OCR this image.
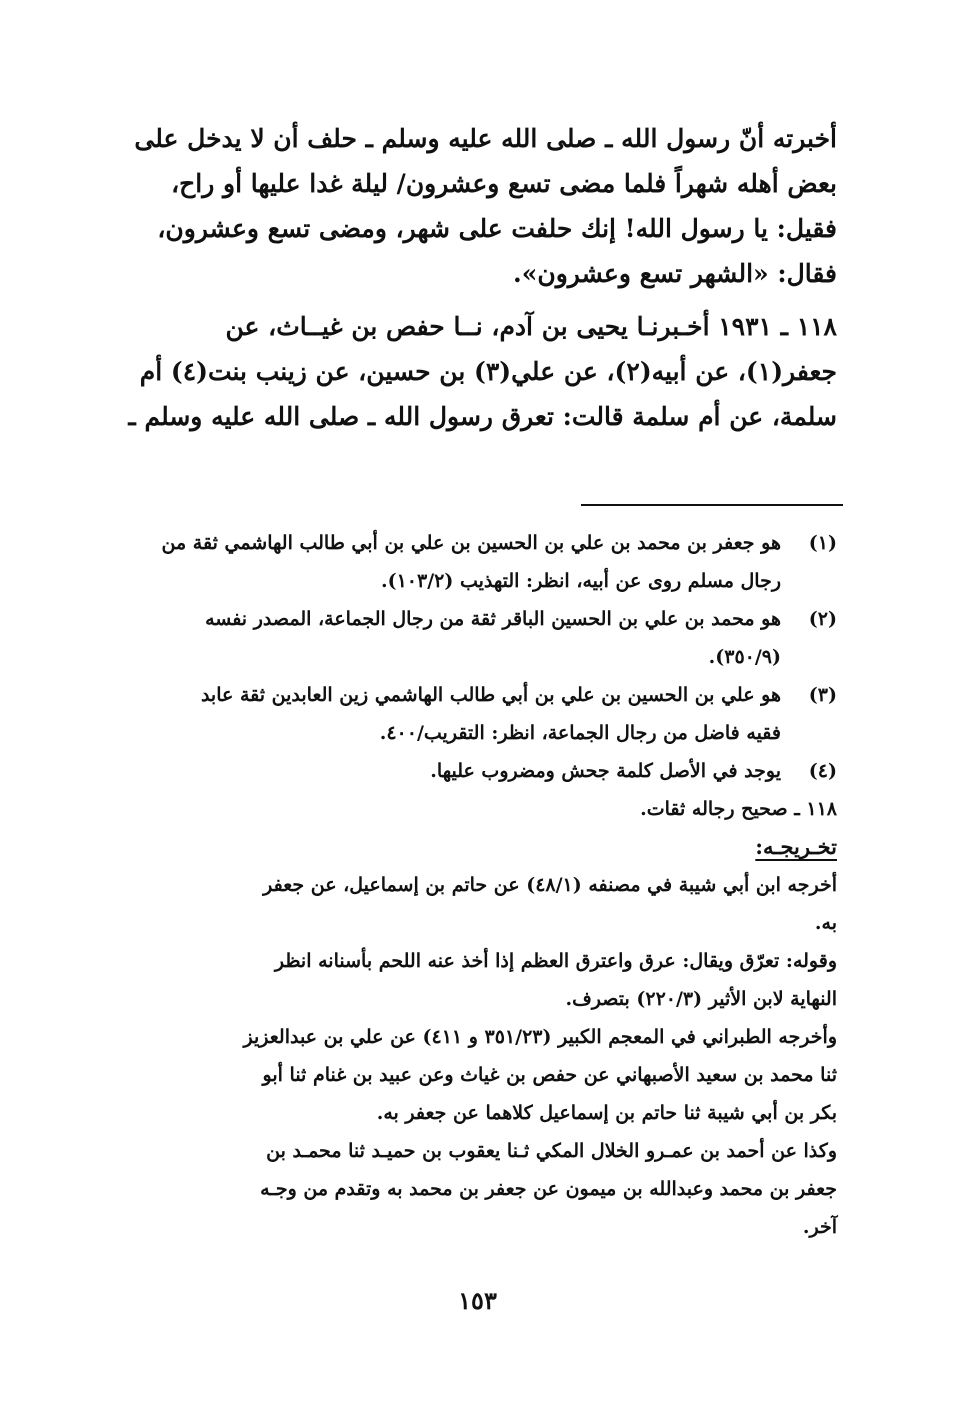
أخبرته أنّ رسول الله ـ صلى الله عليه وسلم ـ حلف أن لا يدخل على

بعض أهله شهراً فلما مضى تسع وعشرون/ ليلة غدا عليها أو راح،

فقيل: يا رسول الله! إنك حلفت على شهر، ومضى تسع وعشرون،

فقال: «الشهر تسع وعشرون».

١١٨ ـ ١٩٣١ أخـبرنـا يحيى بن آدم، نــا حفص بن غيــاث، عن

جعفر(١)، عن أبيه(٢)، عن علي(٣) بن حسين، عن زينب بنت(٤) أم

سلمة، عن أم سلمة قالت: تعرق رسول الله ـ صلى الله عليه وسلم ـ

(١)
هو جعفر بن محمد بن علي بن الحسين بن علي بن أبي طالب الهاشمي ثقة من
رجال مسلم روى عن أبيه، انظر: التهذيب (١٠٣/٢).
(٢)
هو محمد بن علي بن الحسين الباقر ثقة من رجال الجماعة، المصدر نفسه
(٣٥٠/٩).
(٣)
هو علي بن الحسين بن علي بن أبي طالب الهاشمي زين العابدين ثقة عابد
فقيه فاضل من رجال الجماعة، انظر: التقريب/٤٠٠.
(٤)
يوجد في الأصل كلمة جحش ومضروب عليها.
١١٨ ـ صحيح رجاله ثقات.
تخـريجـه:
أخرجه ابن أبي شيبة في مصنفه (٤٨/١) عن حاتم بن إسماعيل، عن جعفر
به.
وقوله: تعرّق ويقال: عرق واعترق العظم إذا أخذ عنه اللحم بأسنانه انظر
النهاية لابن الأثير (٢٢٠/٣) بتصرف.
وأخرجه الطبراني في المعجم الكبير (٣٥١/٢٣ و ٤١١) عن علي بن عبدالعزيز
ثنا محمد بن سعيد الأصبهاني عن حفص بن غياث وعن عبيد بن غنام ثنا أبو
بكر بن أبي شيبة ثنا حاتم بن إسماعيل كلاهما عن جعفر به.
وكذا عن أحمد بن عمـرو الخلال المكي ثـنا يعقوب بن حميـد ثنا محمـد بن
جعفر بن محمد وعبدالله بن ميمون عن جعفر بن محمد به وتقدم من وجـه
آخر.
١٥٣
